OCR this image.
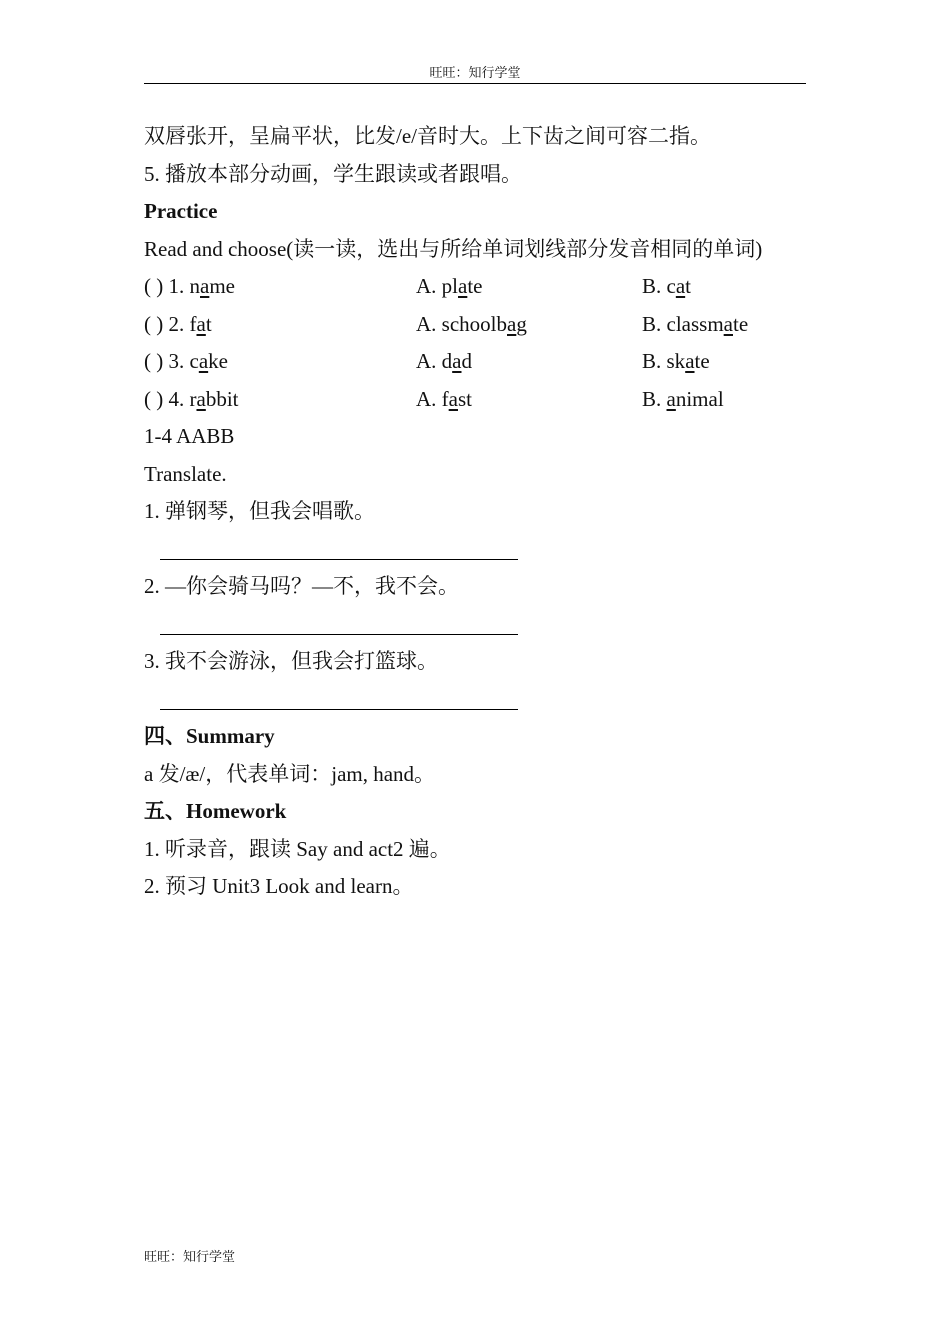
旺旺：知行学堂
双唇张开，呈扁平状，比发/e/音时大。上下齿之间可容二指。
5. 播放本部分动画，学生跟读或者跟唱。
Practice
Read and choose(读一读，选出与所给单词划线部分发音相同的单词)
( ) 1. name	A. plate	B. cat
( ) 2. fat	A. schoolbag	B. classmate
( ) 3. cake	A. dad	B. skate
( ) 4. rabbit	A. fast	B. animal
1-4 AABB
Translate.
1. 弹钢琴，但我会唱歌。
2. —你会骑马吗？—不，我不会。
3. 我不会游泳，但我会打篮球。
四、Summary
a 发/æ/，代表单词：jam, hand。
五、Homework
1. 听录音，跟读 Say and act2 遍。
2. 预习 Unit3 Look and learn。
旺旺：知行学堂
